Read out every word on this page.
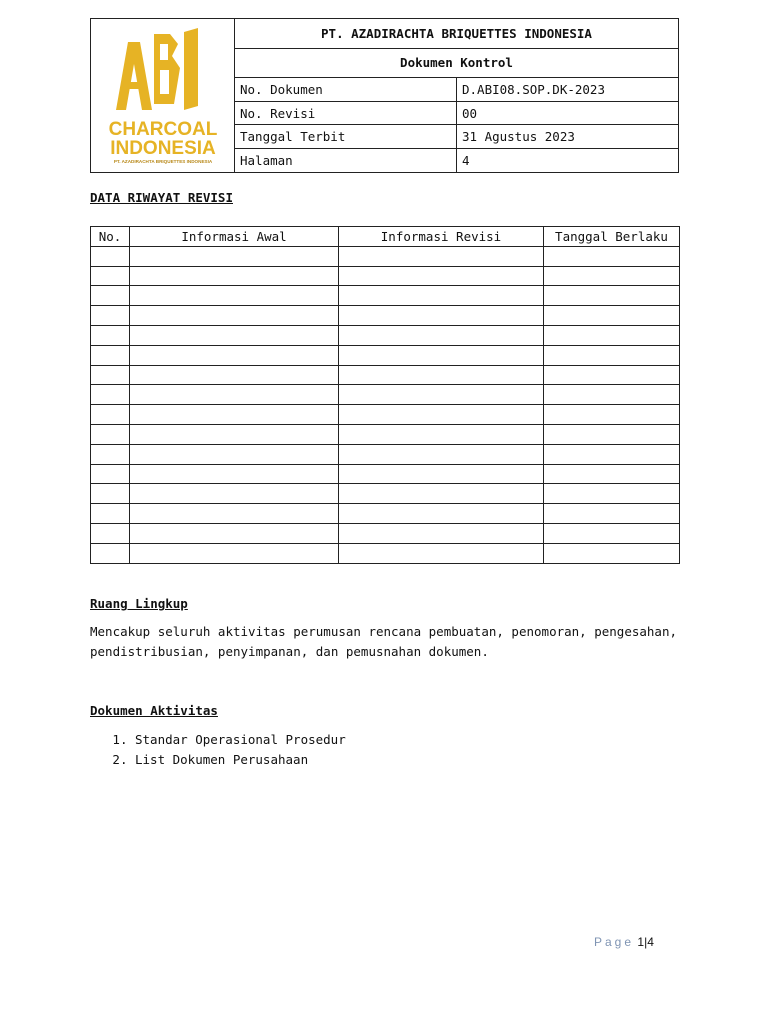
CHARCOAL
INDONESIA
PT. AZADIRACHTA BRIQUETTES INDONESIA	PT. AZADIRACHTA BRIQUETTES INDONESIA	
	Dokumen Kontrol	
	No. Dokumen	D.ABI08.SOP.DK-2023
	No. Revisi	00
	Tanggal Terbit	31 Agustus 2023
	Halaman	4
DATA RIWAYAT REVISI
No.	Informasi Awal	Informasi Revisi	Tanggal Berlaku

Ruang Lingkup

Mencakup seluruh aktivitas perumusan rencana pembuatan, penomoran, pengesahan, pendistribusian, penyimpanan, dan pemusnahan dokumen.

Dokumen Aktivitas
1. Standar Operasional Prosedur
2. List Dokumen Perusahaan
Page 1|4
